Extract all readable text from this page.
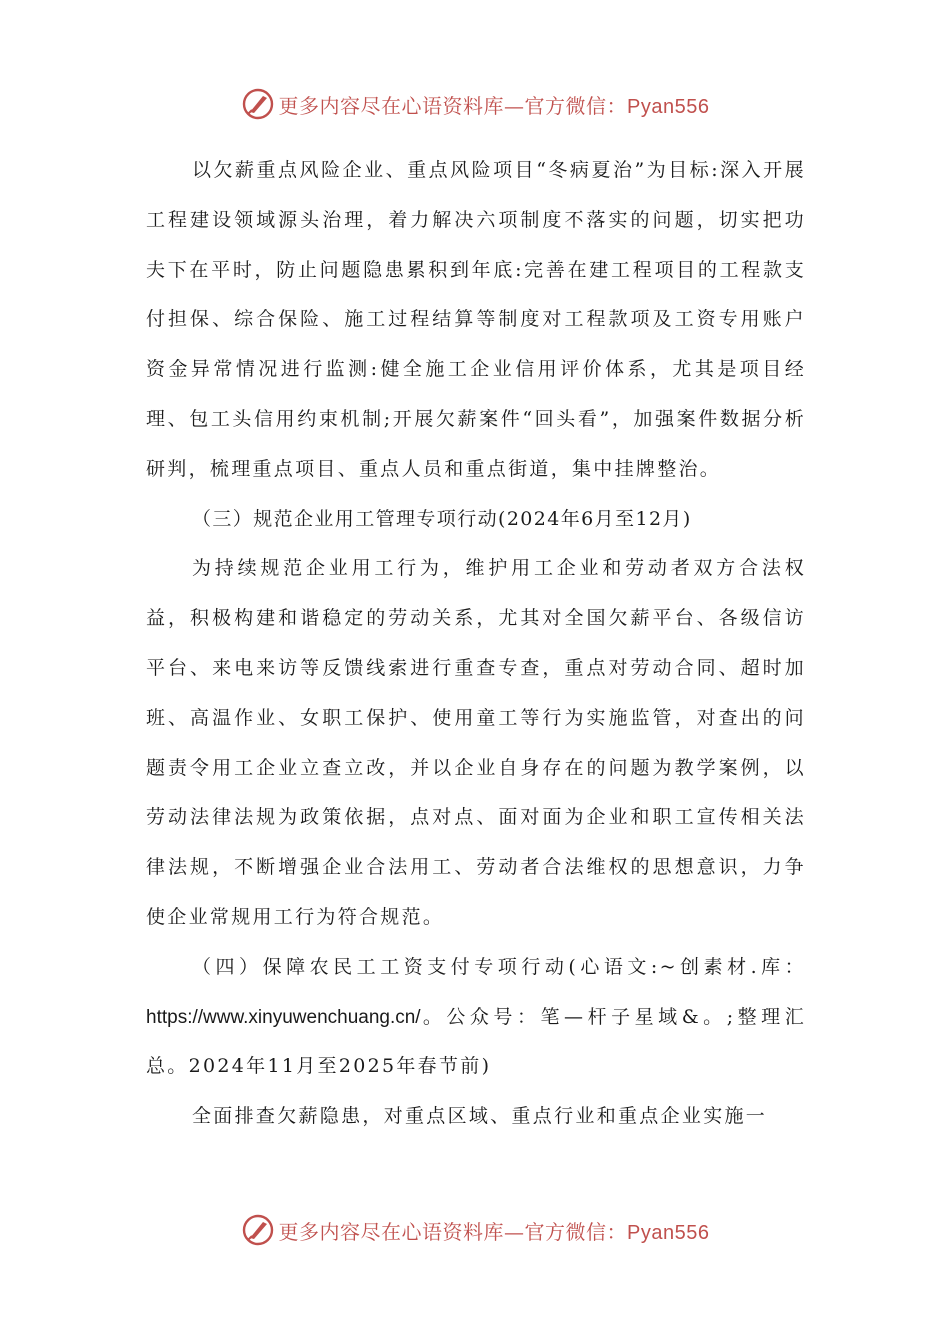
更多内容尽在心语资料库—官方微信：Pyan556

以欠薪重点风险企业、重点风险项目“冬病夏治”为目标:深入开展工程建设领域源头治理，着力解决六项制度不落实的问题，切实把功夫下在平时，防止问题隐患累积到年底:完善在建工程项目的工程款支付担保、综合保险、施工过程结算等制度对工程款项及工资专用账户资金异常情况进行监测:健全施工企业信用评价体系，尤其是项目经理、包工头信用约束机制;开展欠薪案件“回头看”，加强案件数据分析研判，梳理重点项目、重点人员和重点街道，集中挂牌整治。

（三）规范企业用工管理专项行动(2024年6月至12月)

为持续规范企业用工行为，维护用工企业和劳动者双方合法权益，积极构建和谐稳定的劳动关系，尤其对全国欠薪平台、各级信访平台、来电来访等反馈线索进行重查专查，重点对劳动合同、超时加班、高温作业、女职工保护、使用童工等行为实施监管，对查出的问题责令用工企业立查立改，并以企业自身存在的问题为教学案例，以劳动法律法规为政策依据，点对点、面对面为企业和职工宣传相关法律法规，不断增强企业合法用工、劳动者合法维权的思想意识，力争使企业常规用工行为符合规范。

（四）保障农民工工资支付专项行动(心语文:~创素材.库：https://www.xinyuwenchuang.cn/。公众号：笔—杆子星域&。;整理汇总。2024年11月至2025年春节前)

全面排查欠薪隐患，对重点区域、重点行业和重点企业实施一

更多内容尽在心语资料库—官方微信：Pyan556
